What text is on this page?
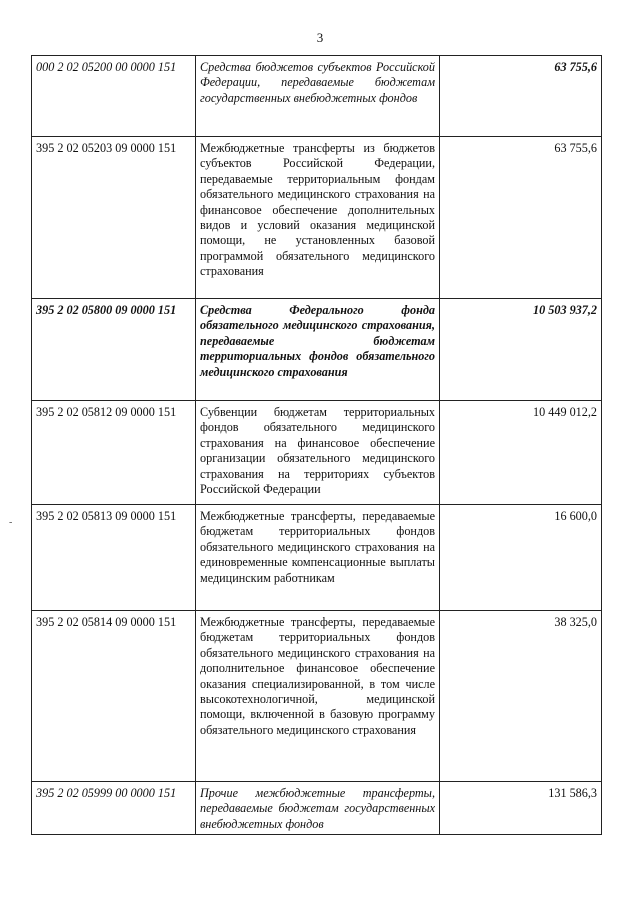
3
-
000 2 02 05200 00 0000 151	Средства бюджетов субъектов Российской Федерации, передаваемые бюджетам государственных внебюджетных фондов	63 755,6
395 2 02 05203 09 0000 151	Межбюджетные трансферты из бюджетов субъектов Российской Федерации, передаваемые территориальным фондам обязательного медицинского страхования на финансовое обеспечение дополнительных видов и условий оказания медицинской помощи, не установленных базовой программой обязательного медицинского страхования	63 755,6
395 2 02 05800 09 0000 151	Средства Федерального фонда обязательного медицинского страхования, передаваемые бюджетам территориальных фондов обязательного медицинского страхования	10 503 937,2
395 2 02 05812 09 0000 151	Субвенции бюджетам территориальных фондов обязательного медицинского страхования на финансовое обеспечение организации обязательного медицинского страхования на территориях субъектов Российской Федерации	10 449 012,2
395 2 02 05813 09 0000 151	Межбюджетные трансферты, передаваемые бюджетам территориальных фондов обязательного медицинского страхования на единовременные компенсационные выплаты медицинским работникам	16 600,0
395 2 02 05814 09 0000 151	Межбюджетные трансферты, передаваемые бюджетам территориальных фондов обязательного медицинского страхования на дополнительное финансовое обеспечение оказания специализированной, в том числе высокотехнологичной, медицинской помощи, включенной в базовую программу обязательного медицинского страхования	38 325,0
395 2 02 05999 00 0000 151	Прочие межбюджетные трансферты, передаваемые бюджетам государственных внебюджетных фондов	131 586,3
